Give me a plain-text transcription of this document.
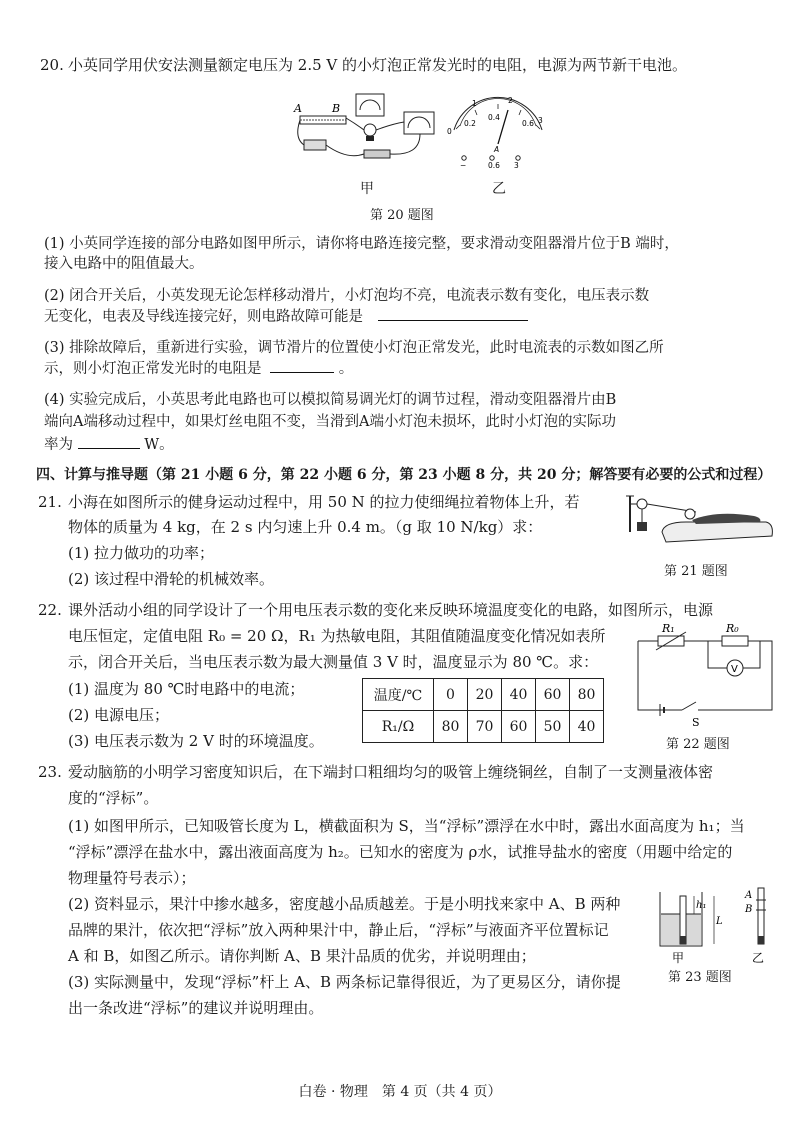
20. 小英同学用伏安法测量额定电压为 2.5 V 的小灯泡正常发光时的电阻，电源为两节新干电池。
A	B
0
0.2
0.4
0.6
1	2
3
A
−	0.6 3
甲	乙
第 20 题图
(1) 小英同学连接的部分电路如图甲所示，请你将电路连接完整，要求滑动变阻器滑片位于B 端时，
接入电路中的阻值最大。
(2) 闭合开关后，小英发现无论怎样移动滑片，小灯泡均不亮，电流表示数有变化，电压表示数
无变化，电表及导线连接完好，则电路故障可能是
(3) 排除故障后，重新进行实验，调节滑片的位置使小灯泡正常发光，此时电流表的示数如图乙所
示，则小灯泡正常发光时的电阻是	。
(4) 实验完成后，小英思考此电路也可以模拟简易调光灯的调节过程，滑动变阻器滑片由B
端向A端移动过程中，如果灯丝电阻不变，当滑到A端小灯泡未损坏，此时小灯泡的实际功
率为	W。
四、计算与推导题（第 21 小题 6 分，第 22 小题 6 分，第 23 小题 8 分，共 20 分；解答要有必要的公式和过程）
21. 小海在如图所示的健身运动过程中，用 50 N 的拉力使细绳拉着物体上升，若
物体的质量为 4 kg，在 2 s 内匀速上升 0.4 m。（g 取 10 N/kg）求：
(1) 拉力做功的功率；
(2) 该过程中滑轮的机械效率。	第 21 题图
22. 课外活动小组的同学设计了一个用电压表示数的变化来反映环境温度变化的电路，如图所示，电源
电压恒定，定值电阻 R₀ = 20 Ω，R₁ 为热敏电阻，其阻值随温度变化情况如表所
示，闭合开关后，当电压表示数为最大测量值 3 V 时，温度显示为 80 ℃。求：
(1) 温度为 80 ℃时电路中的电流；
(2) 电源电压；
(3) 电压表示数为 2 V 时的环境温度。
温度/℃	0	20	40	60	80
R₁/Ω	80	70	60	50	40
R₁	R₀
V
S
第 22 题图
23. 爱动脑筋的小明学习密度知识后，在下端封口粗细均匀的吸管上缠绕铜丝，自制了一支测量液体密
度的“浮标”。
(1) 如图甲所示，已知吸管长度为 L，横截面积为 S，当“浮标”漂浮在水中时，露出水面高度为 h₁；当
“浮标”漂浮在盐水中，露出液面高度为 h₂。已知水的密度为 ρ水，试推导盐水的密度（用题中给定的
物理量符号表示）；
(2) 资料显示，果汁中掺水越多，密度越小品质越差。于是小明找来家中 A、B 两种
品牌的果汁，依次把“浮标”放入两种果汁中，静止后，“浮标”与液面齐平位置标记
A 和 B，如图乙所示。请你判断 A、B 果汁品质的优劣，并说明理由；
(3) 实际测量中，发现“浮标”杆上 A、B 两条标记靠得很近，为了更易区分，请你提
出一条改进“浮标”的建议并说明理由。
h₁
L
甲
A
B
乙
第 23 题图
白卷 · 物理　第 4 页（共 4 页）
